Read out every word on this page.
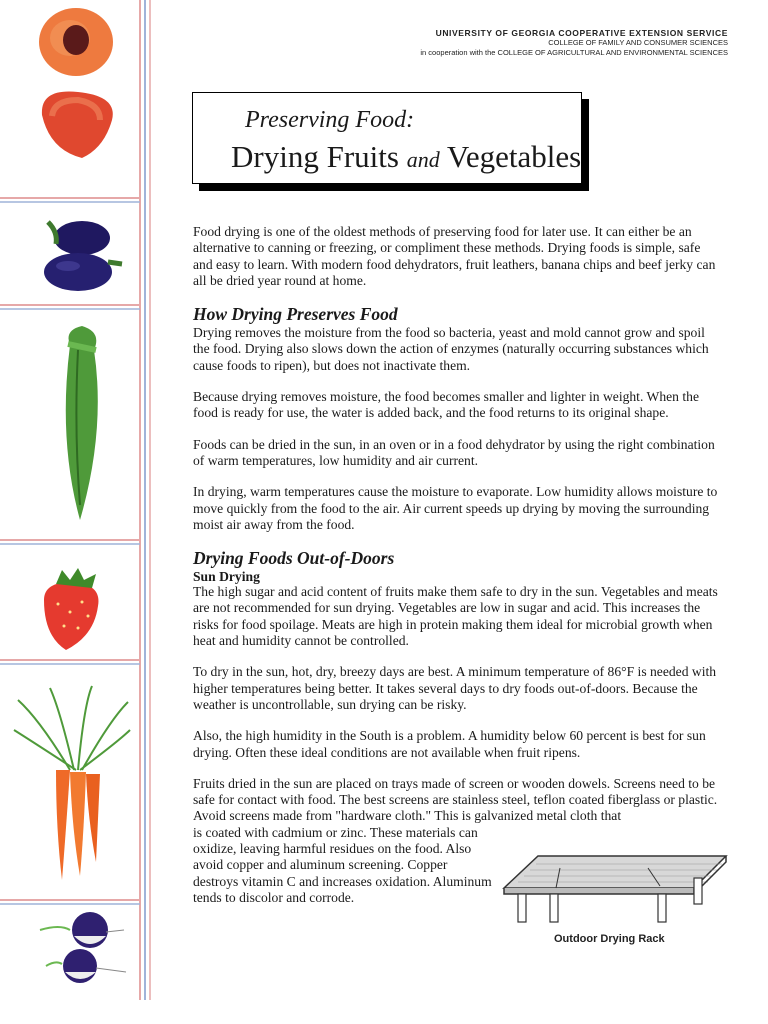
UNIVERSITY OF GEORGIA COOPERATIVE EXTENSION SERVICE
COLLEGE OF FAMILY AND CONSUMER SCIENCES
in cooperation with the COLLEGE OF AGRICULTURAL AND ENVIRONMENTAL SCIENCES
Preserving Food:
Drying Fruits and Vegetables

Food drying is one of the oldest methods of preserving food for later use. It can either be an alternative to canning or freezing, or compliment these methods. Drying foods is simple, safe and easy to learn. With modern food dehydrators, fruit leathers, banana chips and beef jerky can all be dried year round at home.

How Drying Preserves Food

Drying removes the moisture from the food so bacteria, yeast and mold cannot grow and spoil the food. Drying also slows down the action of enzymes (naturally occurring substances which cause foods to ripen), but does not inactivate them.

Because drying removes moisture, the food becomes smaller and lighter in weight. When the food is ready for use, the water is added back, and the food returns to its original shape.

Foods can be dried in the sun, in an oven or in a food dehydrator by using the right combination of warm temperatures, low humidity and air current.

In drying, warm temperatures cause the moisture to evaporate. Low humidity allows moisture to move quickly from the food to the air. Air current speeds up drying by moving the surrounding moist air away from the food.

Drying Foods Out-of-Doors
Sun Drying

The high sugar and acid content of fruits make them safe to dry in the sun. Vegetables and meats are not recommended for sun drying. Vegetables are low in sugar and acid. This increases the risks for food spoilage. Meats are high in protein making them ideal for microbial growth when heat and humidity cannot be controlled.

To dry in the sun, hot, dry, breezy days are best. A minimum temperature of 86°F is needed with higher temperatures being better. It takes several days to dry foods out-of-doors. Because the weather is uncontrollable, sun drying can be risky.

Also, the high humidity in the South is a problem. A humidity below 60 percent is best for sun drying. Often these ideal conditions are not available when fruit ripens.

Fruits dried in the sun are placed on trays made of screen or wooden dowels. Screens need to be safe for contact with food. The best screens are stainless steel, teflon coated fiberglass or plastic. Avoid screens made from "hardware cloth." This is galvanized metal cloth that

is coated with cadmium or zinc. These materials can oxidize, leaving harmful residues on the food. Also avoid copper and aluminum screening. Copper destroys vitamin C and increases oxidation. Aluminum tends to discolor and corrode.

Outdoor Drying Rack
